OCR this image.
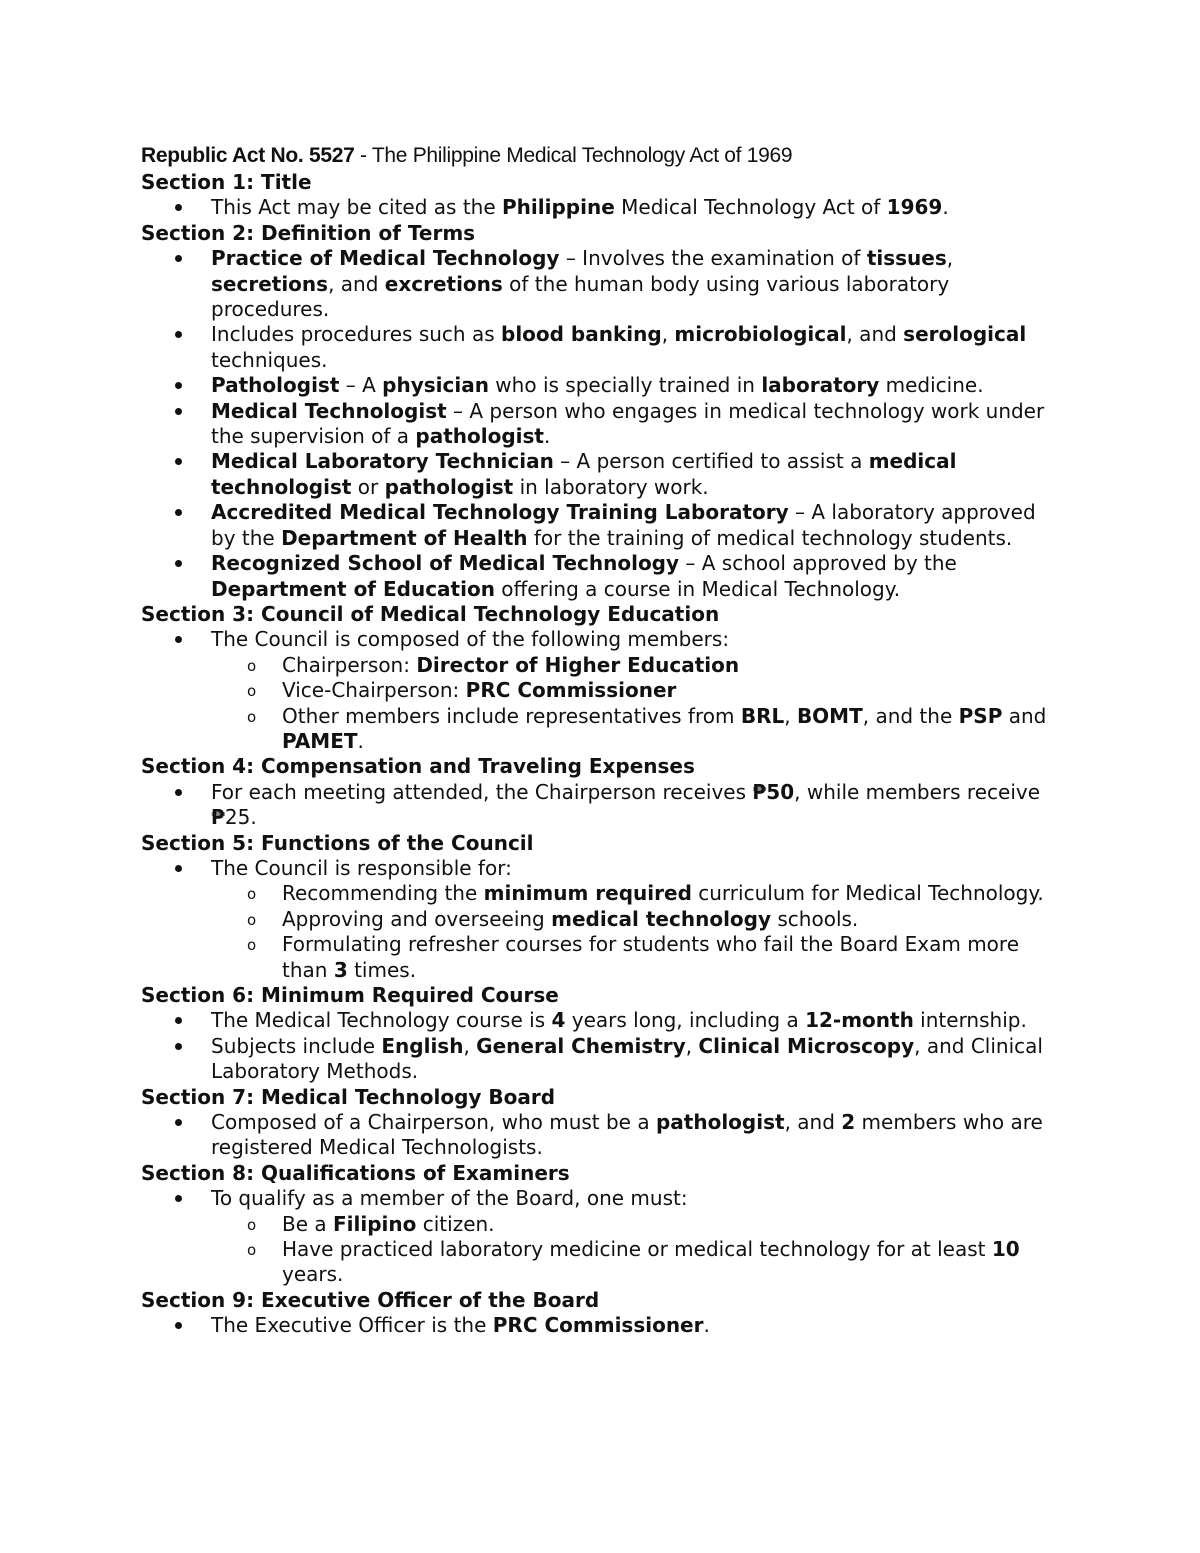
Republic Act No. 5527 - The Philippine Medical Technology Act of 1969
Section 1: Title
This Act may be cited as the Philippine Medical Technology Act of 1969.
Section 2: Definition of Terms
Practice of Medical Technology – Involves the examination of tissues, secretions, and excretions of the human body using various laboratory procedures.
Includes procedures such as blood banking, microbiological, and serological techniques.
Pathologist – A physician who is specially trained in laboratory medicine.
Medical Technologist – A person who engages in medical technology work under the supervision of a pathologist.
Medical Laboratory Technician – A person certified to assist a medical technologist or pathologist in laboratory work.
Accredited Medical Technology Training Laboratory – A laboratory approved by the Department of Health for the training of medical technology students.
Recognized School of Medical Technology – A school approved by the Department of Education offering a course in Medical Technology.
Section 3: Council of Medical Technology Education
The Council is composed of the following members:
o Chairperson: Director of Higher Education
o Vice-Chairperson: PRC Commissioner
o Other members include representatives from BRL, BOMT, and the PSP and PAMET.
Section 4: Compensation and Traveling Expenses
For each meeting attended, the Chairperson receives ₱50, while members receive ₱25.
Section 5: Functions of the Council
The Council is responsible for:
o Recommending the minimum required curriculum for Medical Technology.
o Approving and overseeing medical technology schools.
o Formulating refresher courses for students who fail the Board Exam more than 3 times.
Section 6: Minimum Required Course
The Medical Technology course is 4 years long, including a 12-month internship.
Subjects include English, General Chemistry, Clinical Microscopy, and Clinical Laboratory Methods.
Section 7: Medical Technology Board
Composed of a Chairperson, who must be a pathologist, and 2 members who are registered Medical Technologists.
Section 8: Qualifications of Examiners
To qualify as a member of the Board, one must:
o Be a Filipino citizen.
o Have practiced laboratory medicine or medical technology for at least 10 years.
Section 9: Executive Officer of the Board
The Executive Officer is the PRC Commissioner.
